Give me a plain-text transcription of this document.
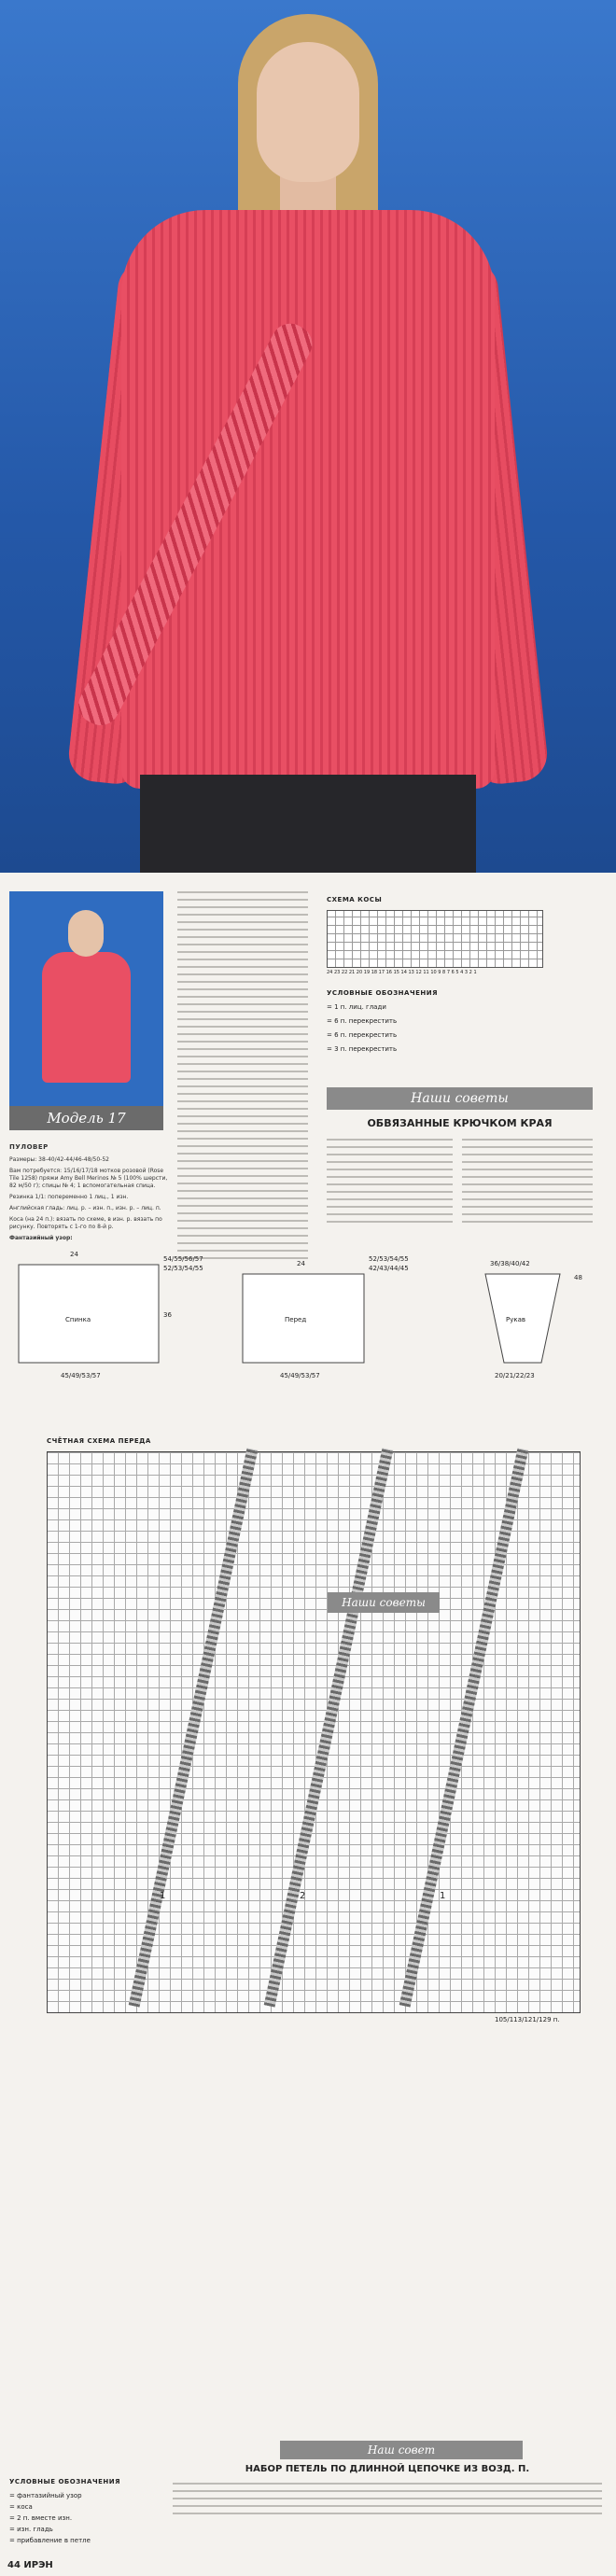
Модель 17
ПУЛОВЕР
Размеры: 38-40/42-44/46-48/50-52
Вам потребуется: 15/16/17/18 мотков розовой (Rose Tile 1258) пряжи Amy Bell Merinos № 5 (100% шерсти, 82 м/50 г); спицы № 4; 1 вспомогательная спица.
Резинка 1/1: попеременно 1 лиц., 1 изн.
Английская гладь: лиц. р. – изн. п., изн. р. – лиц. п.
Коса (на 24 п.): вязать по схеме, в изн. р. вязать по рисунку. Повторять с 1-го по 8-й р.
Фантазийный узор:
СХЕМА КОСЫ
24 23 22 21 20 19 18 17 16 15 14 13 12 11 10 9 8 7 6 5 4 3 2 1
УСЛОВНЫЕ ОБОЗНАЧЕНИЯ
= 1 п. лиц. глади
= 6 п. перекрестить
= 6 п. перекрестить
= 3 п. перекрестить
Наши советы
ОБВЯЗАННЫЕ КРЮЧКОМ КРАЯ
24
54/55/56/57
52/53/54/55
36
Спинка
45/49/53/57
24
52/53/54/55
42/43/44/45
Перед
45/49/53/57
36/38/40/42
48
Рукав
20/21/22/23
СЧЁТНАЯ СХЕМА ПЕРЕДА
Наши советы
1	2	1
105/113/121/129 п.
УСЛОВНЫЕ ОБОЗНАЧЕНИЯ
= фантазийный узор
= коса
= 2 п. вместе изн.
= изн. гладь
= прибавление в петле
Наш совет
НАБОР ПЕТЕЛЬ ПО ДЛИННОЙ ЦЕПОЧКЕ ИЗ ВОЗД. П.
44 ИРЭН
